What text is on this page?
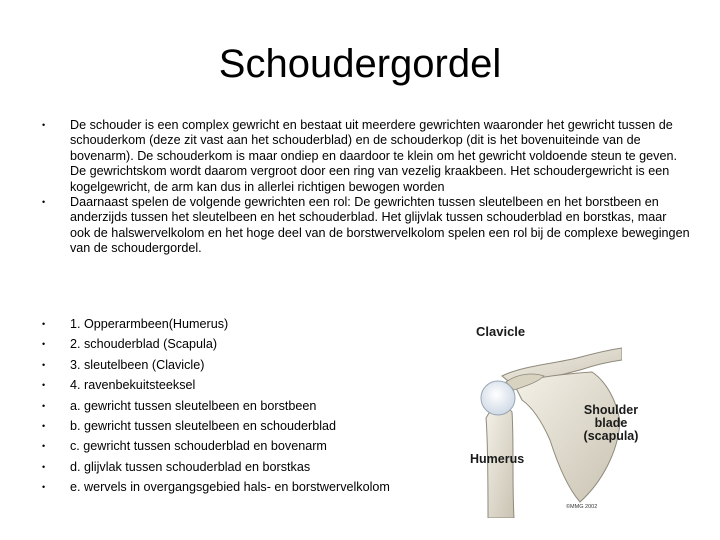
Schoudergordel
•	De schouder is een complex gewricht en bestaat uit meerdere gewrichten waaronder het gewricht tussen de schouderkom (deze zit vast aan het schouderblad) en de schouderkop (dit is het bovenuiteinde van de bovenarm). De schouderkom is maar ondiep en daardoor te klein om het gewricht voldoende steun te geven. De gewrichtskom wordt daarom vergroot door een ring van vezelig kraakbeen. Het schoudergewricht is een kogelgewricht, de arm kan dus in allerlei richtigen bewogen worden
•	Daarnaast spelen de volgende gewrichten een rol: De gewrichten tussen sleutelbeen en het borstbeen en anderzijds tussen het sleutelbeen en het schouderblad. Het glijvlak tussen schouderblad en borstkas, maar ook de halswervelkolom en het hoge deel van de borstwervelkolom spelen een rol bij de complexe bewegingen van de schoudergordel.
•	1. Opperarmbeen(Humerus)
•	2. schouderblad (Scapula)
•	3. sleutelbeen (Clavicle)
•	4. ravenbekuitsteeksel
•	a. gewricht tussen sleutelbeen en borstbeen
•	b. gewricht tussen sleutelbeen en schouderblad
•	c. gewricht tussen schouderblad en bovenarm
•	d. glijvlak tussen schouderblad en borstkas
•	e. wervels in overgangsgebied hals- en borstwervelkolom
Clavicle
Shoulder
blade
(scapula)
Humerus
©MMG 2002
